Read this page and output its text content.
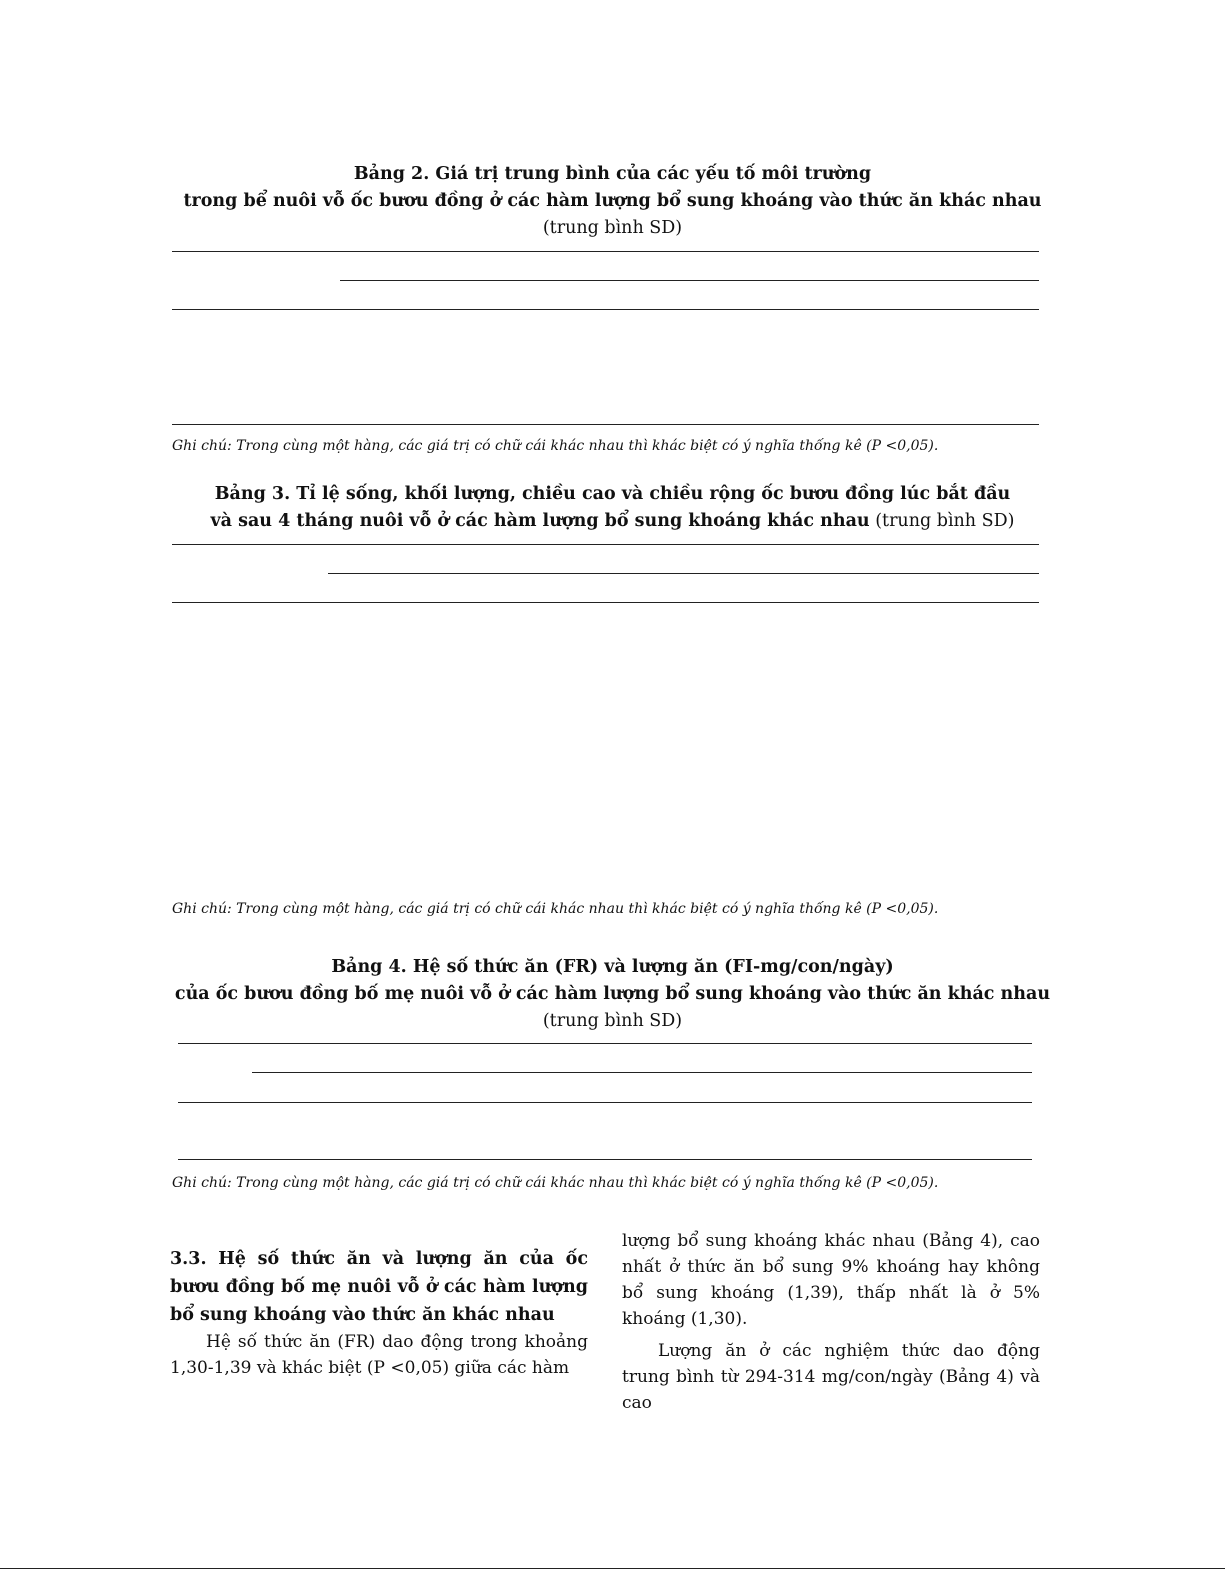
Bảng 2. Giá trị trung bình của các yếu tố môi trường
trong bể nuôi vỗ ốc bươu đồng ở các hàm lượng bổ sung khoáng vào thức ăn khác nhau
(trung bình SD)
Ghi chú: Trong cùng một hàng, các giá trị có chữ cái khác nhau thì khác biệt có ý nghĩa thống kê (P <0,05).
Bảng 3. Tỉ lệ sống, khối lượng, chiều cao và chiều rộng ốc bươu đồng lúc bắt đầu
và sau 4 tháng nuôi vỗ ở các hàm lượng bổ sung khoáng khác nhau (trung bình SD)
Ghi chú: Trong cùng một hàng, các giá trị có chữ cái khác nhau thì khác biệt có ý nghĩa thống kê (P <0,05).
Bảng 4. Hệ số thức ăn (FR) và lượng ăn (FI-mg/con/ngày)
của ốc bươu đồng bố mẹ nuôi vỗ ở các hàm lượng bổ sung khoáng vào thức ăn khác nhau
(trung bình SD)
Ghi chú: Trong cùng một hàng, các giá trị có chữ cái khác nhau thì khác biệt có ý nghĩa thống kê (P <0,05).

3.3. Hệ số thức ăn và lượng ăn của ốc bươu đồng bố mẹ nuôi vỗ ở các hàm lượng bổ sung khoáng vào thức ăn khác nhau

Hệ số thức ăn (FR) dao động trong khoảng 1,30-1,39 và khác biệt (P <0,05) giữa các hàm

lượng bổ sung khoáng khác nhau (Bảng 4), cao nhất ở thức ăn bổ sung 9% khoáng hay không bổ sung khoáng (1,39), thấp nhất là ở 5% khoáng (1,30).

Lượng ăn ở các nghiệm thức dao động trung bình từ 294-314 mg/con/ngày (Bảng 4) và cao
